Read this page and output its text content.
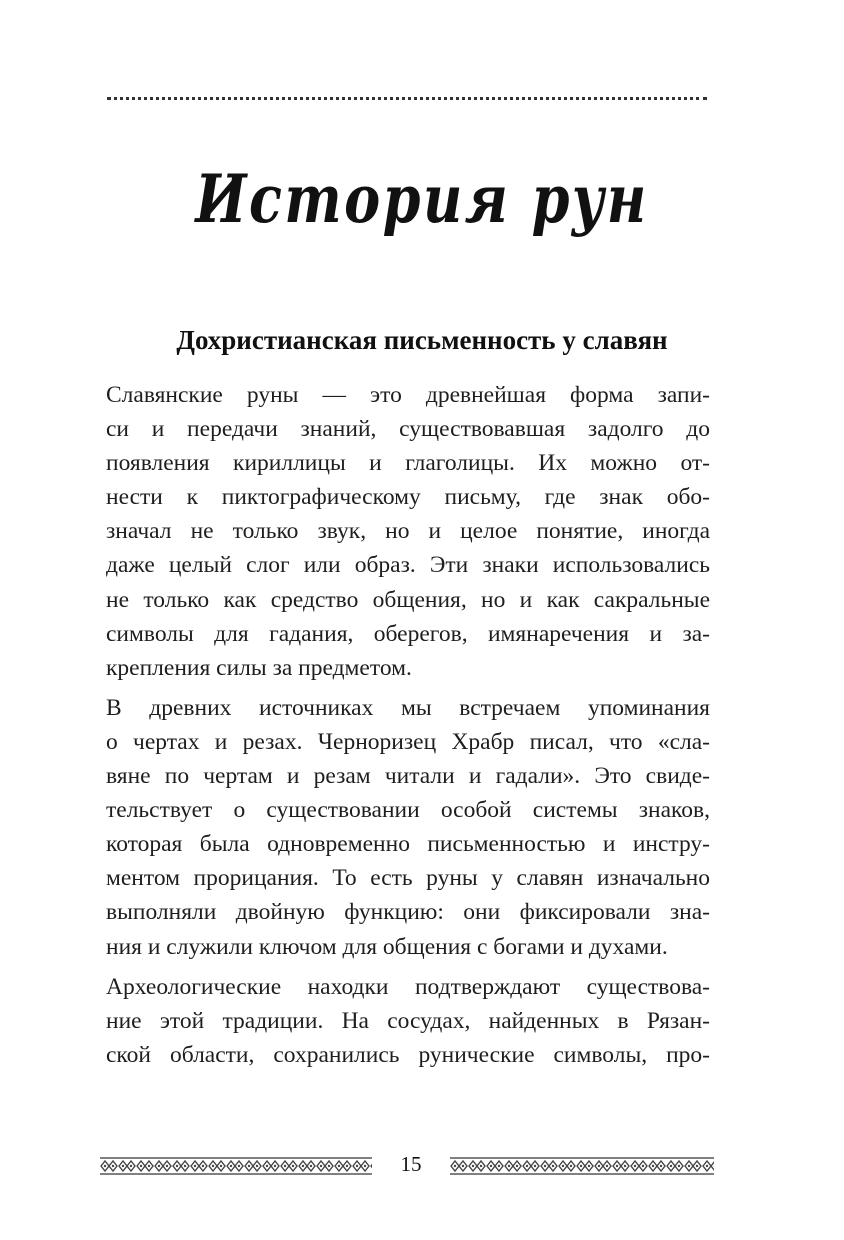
История рун
Дохристианская письменность у славян
Славянские руны — это древнейшая форма запи-
си и передачи знаний, существовавшая задолго до
появления кириллицы и глаголицы. Их можно от-
нести к пиктографическому письму, где знак обо-
значал не только звук, но и целое понятие, иногда
даже целый слог или образ. Эти знаки использовались
не только как средство общения, но и как сакральные
символы для гадания, оберегов, имянаречения и за-
крепления силы за предметом.
В древних источниках мы встречаем упоминания
о чертах и резах. Черноризец Храбр писал, что «сла-
вяне по чертам и резам читали и гадали». Это свиде-
тельствует о существовании особой системы знаков,
которая была одновременно письменностью и инстру-
ментом прорицания. То есть руны у славян изначально
выполняли двойную функцию: они фиксировали зна-
ния и служили ключом для общения с богами и духами.
Археологические находки подтверждают существова-
ние этой традиции. На сосудах, найденных в Рязан-
ской области, сохранились рунические символы, про-
15
